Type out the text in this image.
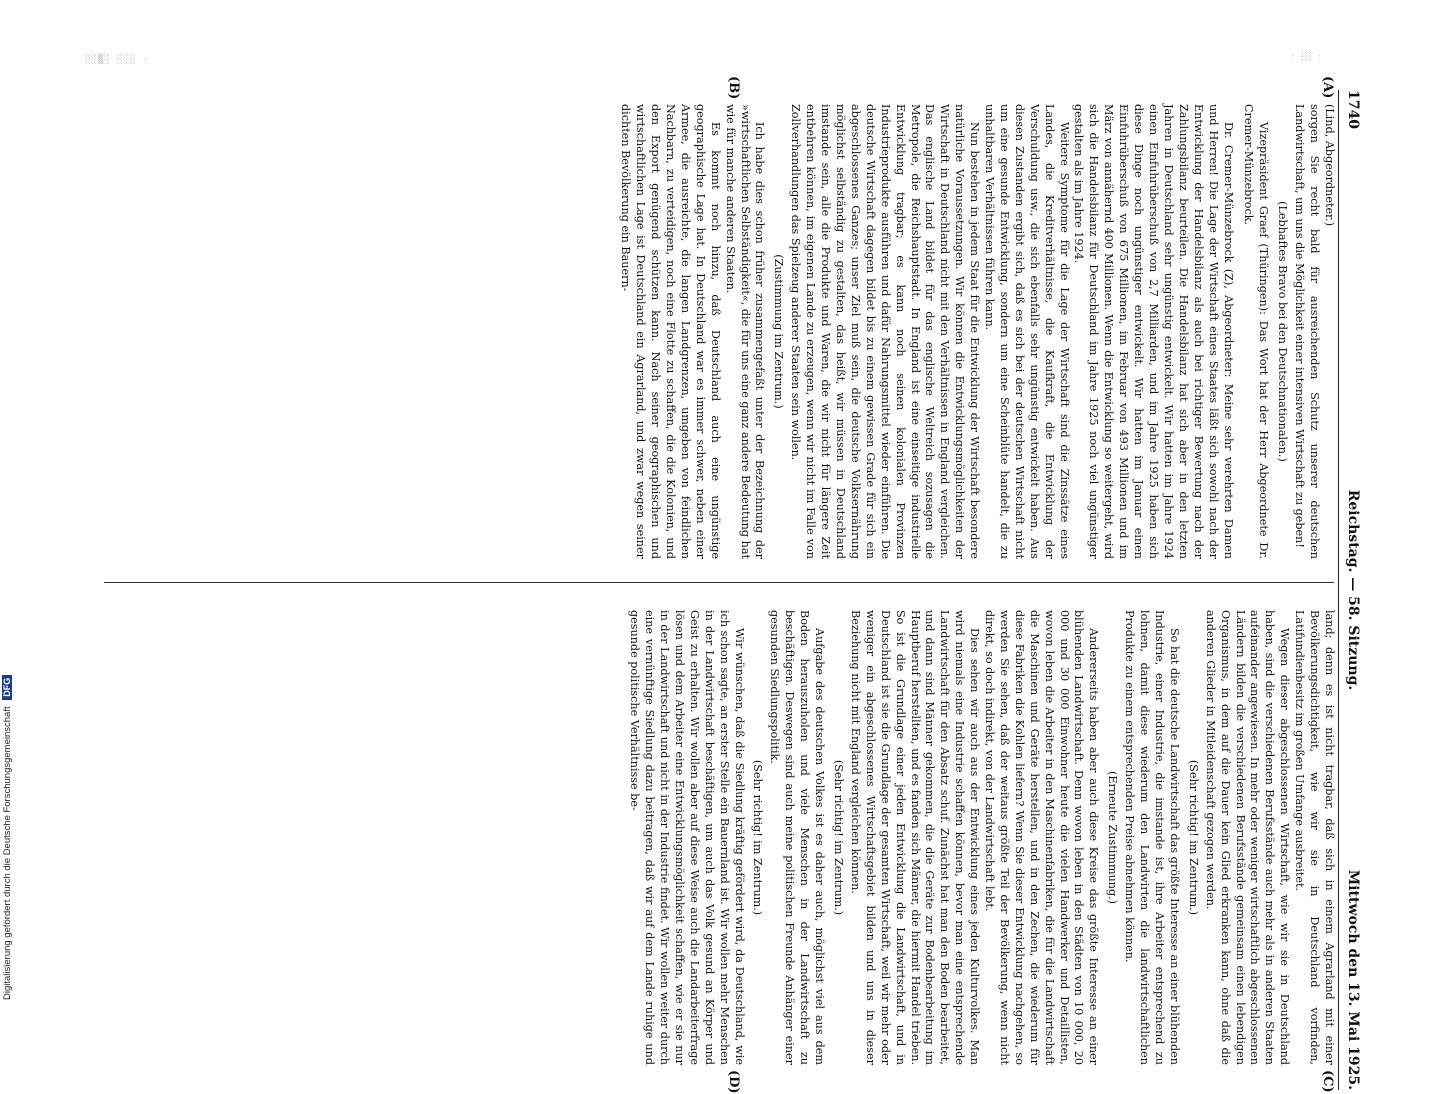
░░▒░ ░░░ ·	· ░░ ·
1740
Reichstag. — 58. Sitzung.
Mittwoch den 13. Mai 1925.
(A)
(B)
(C)
(D)

(Lind, Abgeordneter.)

sorgen Sie recht bald für ausreichenden Schutz unserer deutschen Landwirtschaft, um uns die Möglichkeit einer intensiven Wirtschaft zu geben!

(Lebhaftes Bravo bei den Deutschnationalen.)

Vizepräsident Graef (Thüringen): Das Wort hat der Herr Abgeordnete Dr. Cremer-Münzebrock.

Dr. Cremer-Münzebrock (Z), Abgeordneter: Meine sehr verehrten Damen und Herren! Die Lage der Wirtschaft eines Staates läßt sich sowohl nach der Entwicklung der Handelsbilanz als auch bei richtiger Bewertung nach der Zahlungsbilanz beurteilen. Die Handelsbilanz hat sich aber in den letzten Jahren in Deutschland sehr ungünstig entwickelt. Wir hatten im Jahre 1924 einen Einfuhrüberschuß von 2,7 Milliarden, und im Jahre 1925 haben sich diese Dinge noch ungünstiger entwickelt. Wir hatten im Januar einen Einfuhrüberschuß von 675 Millionen, im Februar von 493 Millionen und im März von annähernd 400 Millionen. Wenn die Entwicklung so weitergeht, wird sich die Handelsbilanz für Deutschland im Jahre 1925 noch viel ungünstiger gestalten als im Jahre 1924.

Weitere Symptome für die Lage der Wirtschaft sind die Zinssätze eines Landes, die Kreditverhältnisse, die Kaufkraft, die Entwicklung der Verschuldung usw., die sich ebenfalls sehr ungünstig entwickelt haben. Aus diesen Zustanden ergibt sich, daß es sich bei der deutschen Wirtschaft nicht um eine gesunde Entwicklung, sondern um eine Scheinblüte handelt, die zu unhaltbaren Verhältnissen führen kann.

Nun bestehen in jedem Staat für die Entwicklung der Wirtschaft besondere natürliche Voraussetzungen. Wir können die Entwicklungsmöglichkeiten der Wirtschaft in Deutschland nicht mit den Verhältnissen in England vergleichen. Das englische Land bildet für das englische Weltreich sozusagen die Metropole, die Reichshauptstadt. In England ist eine einseitige industrielle Entwicklung tragbar; es kann noch seinen kolonialen Provinzen Industrieprodukte ausführen und dafür Nahrungsmittel wieder einführen. Die deutsche Wirtschaft dagegen bildet bis zu einem gewissen Grade für sich ein abgeschlossenes Ganzes; unser Ziel muß sein, die deutsche Volksernährung möglichst selbständig zu gestalten, das heißt, wir müssen in Deutschland imstande sein, alle die Produkte und Waren, die wir nicht für längere Zeit entbehren können, im eigenen Lande zu erzeugen, wenn wir nicht im Falle von Zollverhandlungen das Spielzeug anderer Staaten sein wollen.

(Zustimmung im Zentrum.)

Ich habe dies schon früher zusammengefaßt unter der Bezeichnung der »wirtschaftlichen Selbständigkeit«, die für uns eine ganz andere Bedeutung hat wie für manche anderen Staaten.

Es kommt noch hinzu, daß Deutschland auch eine ungünstige geographische Lage hat. In Deutschland war es immer schwer, neben einer Armee, die ausreichte, die langen Landgrenzen, umgeben von feindlichen Nachbarn, zu verteidigen, noch eine Flotte zu schaffen, die die Kolonien, und den Export genügend schützen kann. Nach seiner geographischen und wirtschaftlichen Lage ist Deutschland ein Agrarland, und zwar wegen seiner dichten Bevölkerung ein Bauern-

land; denn es ist nicht tragbar, daß sich in einem Agrarland mit einer Bevölkerungsdichtigkeit, wie wir sie in Deutschland vorfinden, Latifundienbesitz im großen Umfange ausbreitet.

Wegen dieser abgeschlossenen Wirtschaft, wie wir sie in Deutschland haben, sind die verschiedenen Berufsstände auch mehr als in anderen Staaten aufeinander angewiesen. In mehr oder weniger wirtschaftlich abgeschlossenen Ländern bilden die verschiedenen Berufsstände gemeinsam einen lebendigen Organismus, in dem auf die Dauer kein Glied erkranken kann, ohne daß die anderen Glieder in Mitleidenschaft gezogen werden.

(Sehr richtig! im Zentrum.)

So hat die deutsche Landwirtschaft das größte Interesse an einer blühenden Industrie, einer Industrie, die imstande ist, ihre Arbeiter entsprechend zu lohnen, damit diese wiederum den Landwirten die landwirtschaftlichen Produkte zu einem entsprechenden Preise abnehmen können.

(Erneute Zustimmung.)

Andererseits haben aber auch diese Kreise das größte Interesse an einer blühenden Landwirtschaft. Denn wovon leben in den Städten von 10 000, 20 000 und 30 000 Einwohner heute die vielen Handwerker und Detaillisten, wovon leben die Arbeiter in den Maschinenfabriken, die für die Landwirtschaft die Maschinen und Geräte herstellen, und in den Zechen, die wiederum für diese Fabriken die Kohlen liefern? Wenn Sie dieser Entwicklung nachgehen, so werden Sie sehen, daß der weitaus größte Teil der Bevölkerung, wenn nicht direkt, so doch indirekt, von der Landwirtschaft lebt.

Dies sehen wir auch aus der Entwicklung eines jeden Kulturvolkes. Man wird niemals eine Industrie schaffen können, bevor man eine entsprechende Landwirtschaft für den Absatz schuf. Zunächst hat man den Boden bearbeitet, und dann sind Männer gekommen, die die Geräte zur Bodenbearbeitung im Hauptberuf herstellten, und es fanden sich Männer, die hiermit Handel trieben. So ist die Grundlage einer jeden Entwicklung die Landwirtschaft, und in Deutschland ist sie die Grundlage der gesamten Wirtschaft, weil wir mehr oder weniger ein abgeschlossenes Wirtschaftsgebiet bilden und uns in dieser Beziehung nicht mit England vergleichen können.

(Sehr richtig! im Zentrum.)

Aufgabe des deutschen Volkes ist es daher auch, möglichst viel aus dem Boden herauszuholen und viele Menschen in der Landwirtschaft zu beschäftigen. Deswegen sind auch meine politischen Freunde Anhänger einer gesunden Siedlungspolitik.

(Sehr richtig! im Zentrum.)

Wir wünschen, daß die Siedlung kräftig gefördert wird, da Deutschland, wie ich schon sagte, an erster Stelle ein Bauernland ist. Wir wollen mehr Menschen in der Landwirtschaft beschäftigen, um auch das Volk gesund an Körper und Geist zu erhalten. Wir wollen aber auf diese Weise auch die Landarbeiterfrage lösen und dem Arbeiter eine Entwicklungsmöglichkeit schaffen, wie er sie nur in der Landwirtschaft und nicht in der Industrie findet. Wir wollen weiter durch eine vernünftige Siedlung dazu beitragen, daß wir auf dem Lande ruhige und gesunde politische Verhältnisse be-

Digitalisierung gefördert durch die Deutsche Forschungsgemeinschaft DFG
